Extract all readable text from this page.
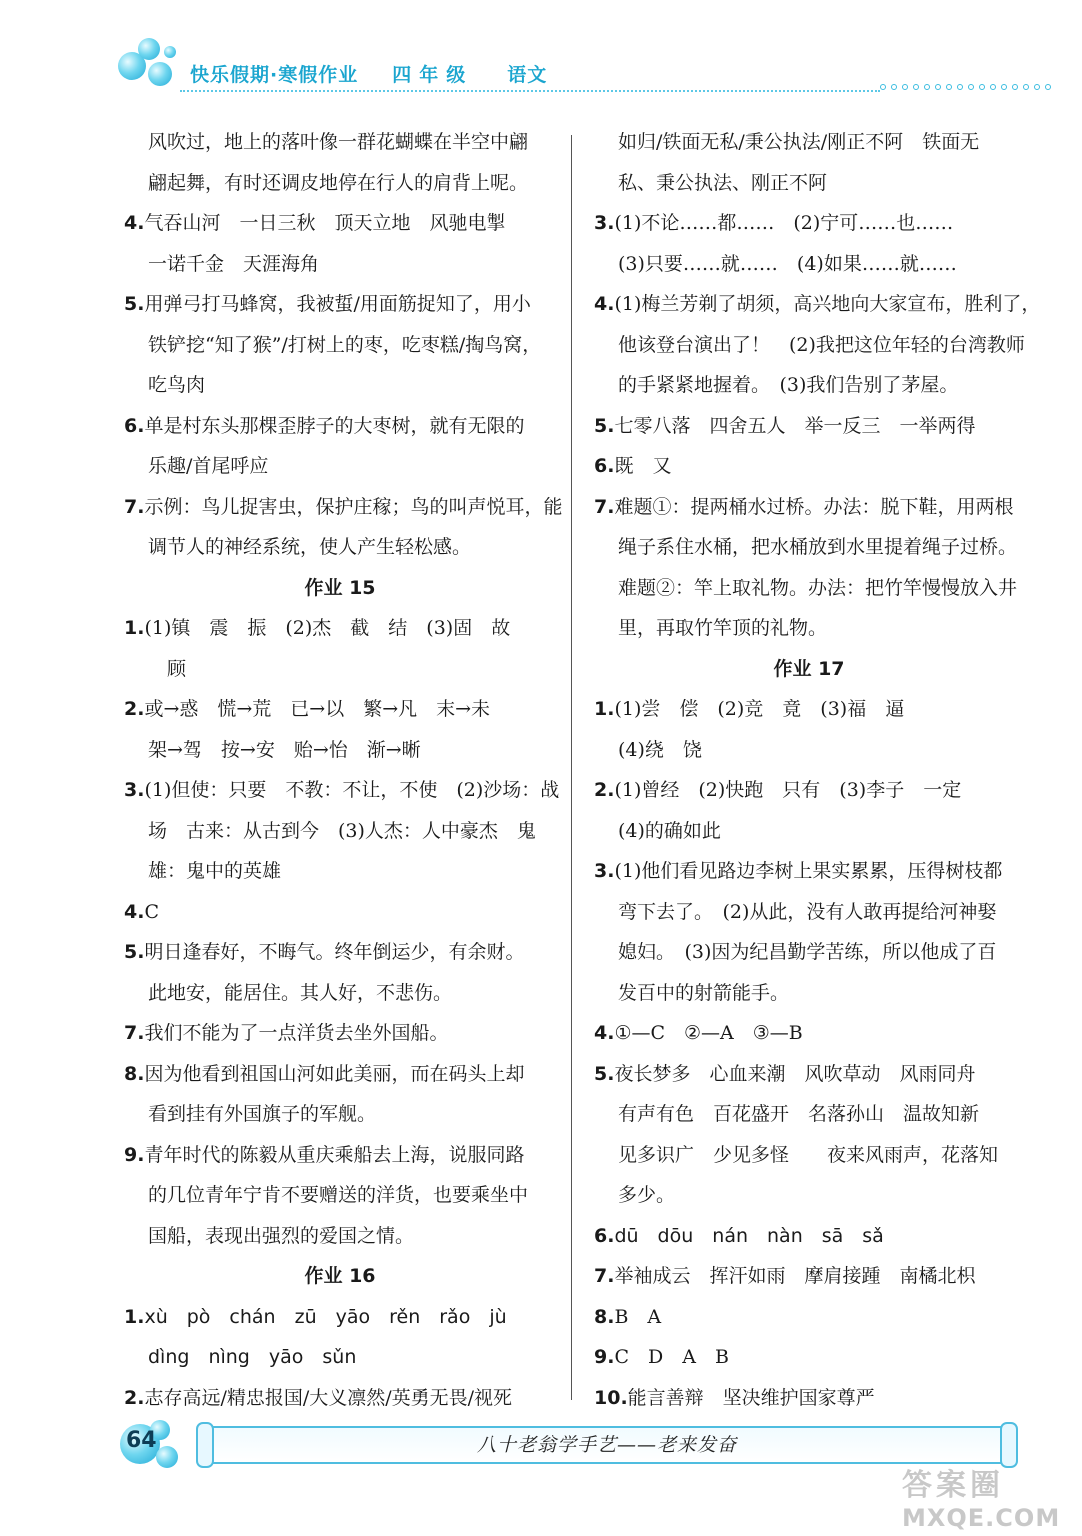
快乐假期·寒假作业 四年级 语文
风吹过，地上的落叶像一群花蝴蝶在半空中翩
翩起舞，有时还调皮地停在行人的肩背上呢。
4.气吞山河　一日三秋　顶天立地　风驰电掣
一诺千金　天涯海角
5.用弹弓打马蜂窝，我被蜇/用面筋捉知了，用小
铁铲挖“知了猴”/打树上的枣，吃枣糕/掏鸟窝，
吃鸟肉
6.单是村东头那棵歪脖子的大枣树，就有无限的
乐趣/首尾呼应
7.示例：鸟儿捉害虫，保护庄稼；鸟的叫声悦耳，能
调节人的神经系统，使人产生轻松感。
作业 15
1.(1)镇　震　振　(2)杰　截　结　(3)固　故
　顾
2.或→惑　慌→荒　已→以　繁→凡　末→未
架→驾　按→安　贻→怡　渐→晰
3.(1)但使：只要　不教：不让，不使　(2)沙场：战
场　古来：从古到今　(3)人杰：人中豪杰　鬼
雄：鬼中的英雄
4.C
5.明日逢春好，不晦气。终年倒运少，有余财。
此地安，能居住。其人好，不悲伤。
7.我们不能为了一点洋货去坐外国船。
8.因为他看到祖国山河如此美丽，而在码头上却
看到挂有外国旗子的军舰。
9.青年时代的陈毅从重庆乘船去上海，说服同路
的几位青年宁肯不要赠送的洋货，也要乘坐中
国船，表现出强烈的爱国之情。
作业 16
1.xù　pò　chán　zū　yāo　rěn　rǎo　jù
dìng　nìng　yāo　sǔn
2.志存高远/精忠报国/大义凛然/英勇无畏/视死
如归/铁面无私/秉公执法/刚正不阿　铁面无
私、秉公执法、刚正不阿
3.(1)不论……都……　(2)宁可……也……
(3)只要……就……　(4)如果……就……
4.(1)梅兰芳剃了胡须，高兴地向大家宣布，胜利了，
他该登台演出了！　(2)我把这位年轻的台湾教师
的手紧紧地握着。　(3)我们告别了茅屋。
5.七零八落　四舍五人　举一反三　一举两得
6.既　又
7.难题①：提两桶水过桥。办法：脱下鞋，用两根
绳子系住水桶，把水桶放到水里提着绳子过桥。
难题②：竿上取礼物。办法：把竹竿慢慢放入井
里，再取竹竿顶的礼物。
作业 17
1.(1)尝　偿　(2)竞　竟　(3)福　逼
(4)绕　饶
2.(1)曾经　(2)快跑　只有　(3)李子　一定
(4)的确如此
3.(1)他们看见路边李树上果实累累，压得树枝都
弯下去了。　(2)从此，没有人敢再提给河神娶
媳妇。　(3)因为纪昌勤学苦练，所以他成了百
发百中的射箭能手。
4.①—C　②—A　③—B
5.夜长梦多　心血来潮　风吹草动　风雨同舟
有声有色　百花盛开　名落孙山　温故知新
见多识广　少见多怪　　夜来风雨声，花落知
多少。
6.dū　dōu　nán　nàn　sā　sǎ
7.举袖成云　挥汗如雨　摩肩接踵　南橘北枳
8.B　A
9.C　D　A　B
10.能言善辩　坚决维护国家尊严
64	八十老翁学手艺——老来发奋
答案圈
MXQE.COM
